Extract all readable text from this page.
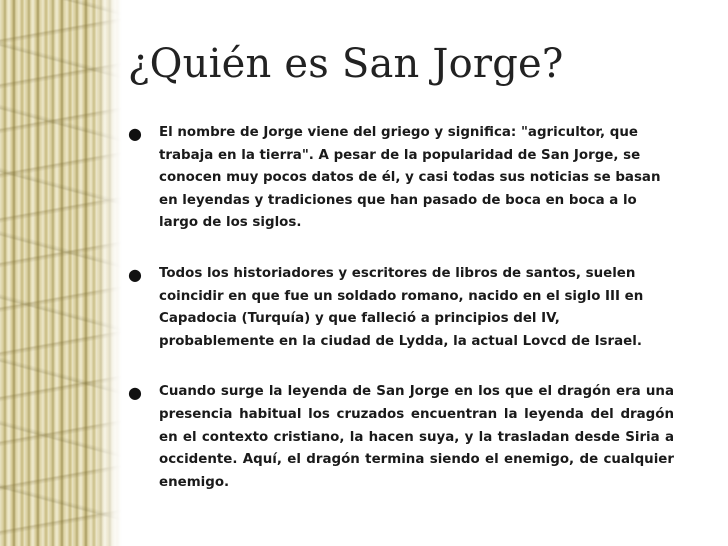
¿Quién es San Jorge?
● El nombre de Jorge viene del griego y significa: "agricultor, que trabaja en la tierra". A pesar de la popularidad de San Jorge, se conocen muy pocos datos de él, y casi todas sus noticias se basan en leyendas y tradiciones que han pasado de boca en boca a lo largo de los siglos.

● Todos los historiadores y escritores de libros de santos, suelen coincidir en que fue un soldado romano, nacido en el siglo III en Capadocia (Turquía) y que falleció a principios del IV, probablemente en la ciudad de Lydda, la actual Lovcd de Israel.

● Cuando surge la leyenda de San Jorge en los que el dragón era una presencia habitual los cruzados encuentran la leyenda del dragón en el contexto cristiano, la hacen suya, y la trasladan desde Siria a occidente. Aquí, el dragón termina siendo el enemigo, de cualquier enemigo.
